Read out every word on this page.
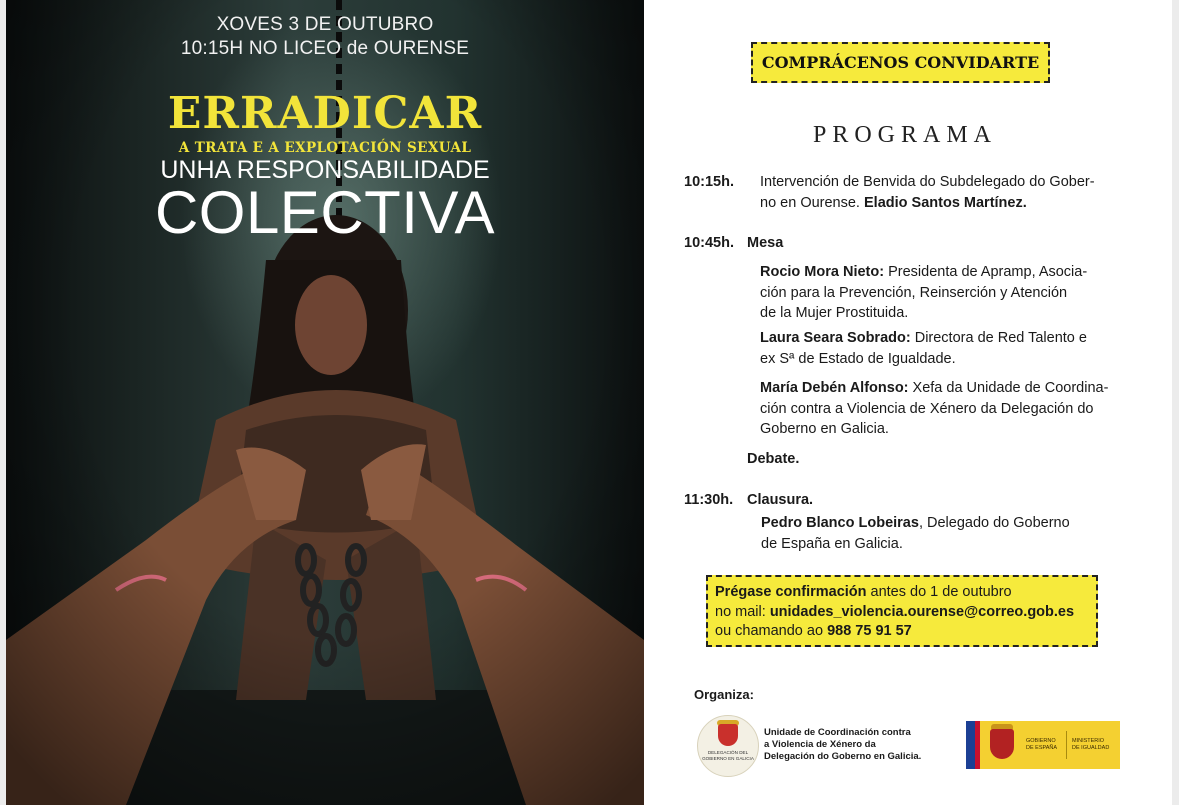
XOVES 3 DE OUTUBRO
10:15H NO LICEO de OURENSE
ERRADICAR
A TRATA E A EXPLOTACIÓN SEXUAL
UNHA RESPONSABILIDADE
COLECTIVA
COMPRÁCENOS CONVIDARTE
PROGRAMA
10:15h. Intervención de Benvida do Subdelegado do Gober-
no en Ourense. Eladio Santos Martínez.
10:45h. Mesa
Rocio Mora Nieto: Presidenta de Apramp, Asocia-
ción para la Prevención, Reinserción y Atención
de la Mujer Prostituida.
Laura Seara Sobrado: Directora de Red Talento e
ex Sª de Estado de Igualdade.
María Debén Alfonso: Xefa da Unidade de Coordina-
ción contra a Violencia de Xénero da Delegación do
Goberno en Galicia.
Debate.
11:30h. Clausura.
Pedro Blanco Lobeiras, Delegado do Goberno
de España en Galicia.
Prégase confirmación antes do 1 de outubro
no mail: unidades_violencia.ourense@correo.gob.es
ou chamando ao 988 75 91 57
Organiza:
DELEGACIÓN DEL GOBIERNO EN GALICIA
Unidade de Coordinación contra
a Violencia de Xénero da
Delegación do Goberno en Galicia.
GOBIERNO
DE ESPAÑA
MINISTERIO
DE IGUALDAD
